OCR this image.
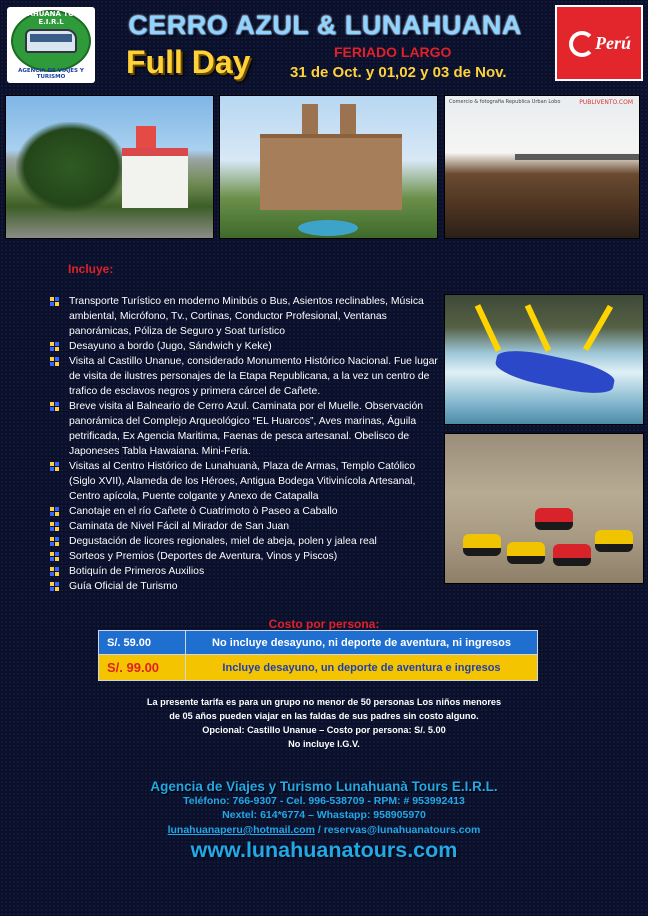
LUNAHUANA TOURS E.I.R.L
AGENCIA DE VIAJES Y TURISMO
CERRO AZUL & LUNAHUANA
Full Day	FERIADO LARGO
31 de Oct. y 01,02 y 03 de Nov.
Perú
Comercio & fotografia Republica Urban Lobo	PUBLIVENTO.COM
Incluye:
Transporte Turístico en moderno Minibús o Bus, Asientos reclinables, Música ambiental, Micrófono, Tv., Cortinas, Conductor Profesional, Ventanas panorámicas, Póliza de Seguro y Soat turístico
Desayuno a bordo (Jugo, Sándwich y Keke)
Visita al Castillo Unanue, considerado Monumento Histórico Nacional. Fue lugar de visita de ilustres personajes de la Etapa Republicana, a la vez un centro de trafico de esclavos negros y primera cárcel de Cañete.
Breve visita al Balneario de Cerro Azul. Caminata por el Muelle. Observación panorámica del Complejo Arqueológico “EL Huarcos”, Aves marinas, Águila petrificada, Ex Agencia Maritima, Faenas de pesca artesanal. Obelisco de Japoneses Tabla Hawaiana. Mini-Feria.
Visitas al Centro Histórico de Lunahuanà, Plaza de Armas, Templo Católico (Siglo XVII), Alameda de los Héroes, Antigua Bodega Vitivinícola Artesanal, Centro apícola, Puente colgante y Anexo de Catapalla
Canotaje en el río Cañete ò Cuatrimoto ò Paseo a Caballo
Caminata de Nivel Fácil al Mirador de San Juan
Degustación de licores regionales, miel de abeja, polen y jalea real
Sorteos y Premios (Deportes de Aventura, Vinos y Piscos)
Botiquín de Primeros Auxilios
Guía Oficial de Turismo
Costo por persona:
S/. 59.00	No incluye desayuno, ni deporte de aventura, ni ingresos
S/. 99.00	Incluye desayuno, un deporte de aventura e ingresos
La presente tarifa es para un grupo no menor de 50 personas Los niños menores
de 05 años pueden viajar en las faldas de sus padres sin costo alguno.
Opcional: Castillo Unanue – Costo por persona: S/. 5.00
No incluye I.G.V.
Agencia de Viajes y Turismo Lunahuanà Tours E.I.R.L.
Teléfono: 766-9307 - Cel. 996-538709 - RPM: # 953992413
Nextel: 614*6774 – Whastapp: 958905970
lunahuanaperu@hotmail.com / reservas@lunahuanatours.com
www.lunahuanatours.com
